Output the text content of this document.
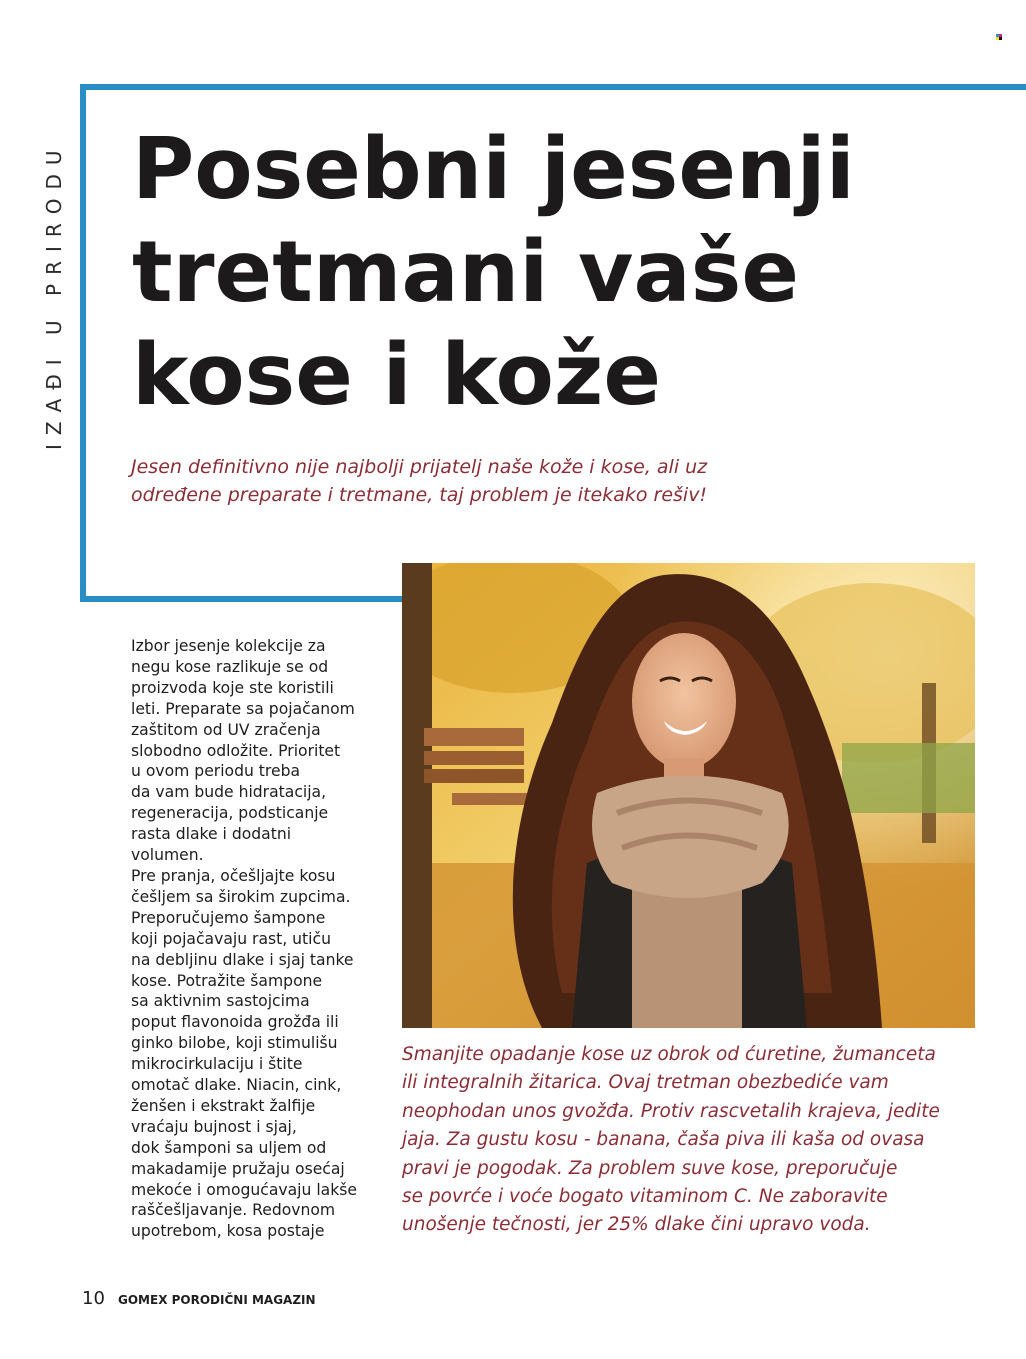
IZAĐI U PRIRODU Posebni jesenji
tretmani vaše
kose i kože

Jesen definitivno nije najbolji prijatelj naše kože i kose, ali uz
određene preparate i tretmane, taj problem je itekako rešiv!

Izbor jesenje kolekcije za
negu kose razlikuje se od
proizvoda koje ste koristili
leti. Preparate sa pojačanom
zaštitom od UV zračenja
slobodno odložite. Prioritet
u ovom periodu treba
da vam bude hidratacija,
regeneracija, podsticanje
rasta dlake i dodatni
volumen.
Pre pranja, očešljajte kosu
češljem sa širokim zupcima.
Preporučujemo šampone
koji pojačavaju rast, utiču
na debljinu dlake i sjaj tanke
kose. Potražite šampone
sa aktivnim sastojcima
poput flavonoida grožđa ili
ginko bilobe, koji stimulišu
mikrocirkulaciju i štite
omotač dlake. Niacin, cink,
ženšen i ekstrakt žalfije
vraćaju bujnost i sjaj,
dok šamponi sa uljem od
makadamije pružaju osećaj
mekoće i omogućavaju lakše
raščešljavanje. Redovnom
upotrebom, kosa postaje

Smanjite opadanje kose uz obrok od ćuretine, žumanceta
ili integralnih žitarica. Ovaj tretman obezbediće vam
neophodan unos gvožđa. Protiv rascvetalih krajeva, jedite
jaja. Za gustu kosu - banana, čaša piva ili kaša od ovasa
pravi je pogodak. Za problem suve kose, preporučuje
se povrće i voće bogato vitaminom C. Ne zaboravite
unošenje tečnosti, jer 25% dlake čini upravo voda.

10 GOMEX PORODIČNI MAGAZIN
